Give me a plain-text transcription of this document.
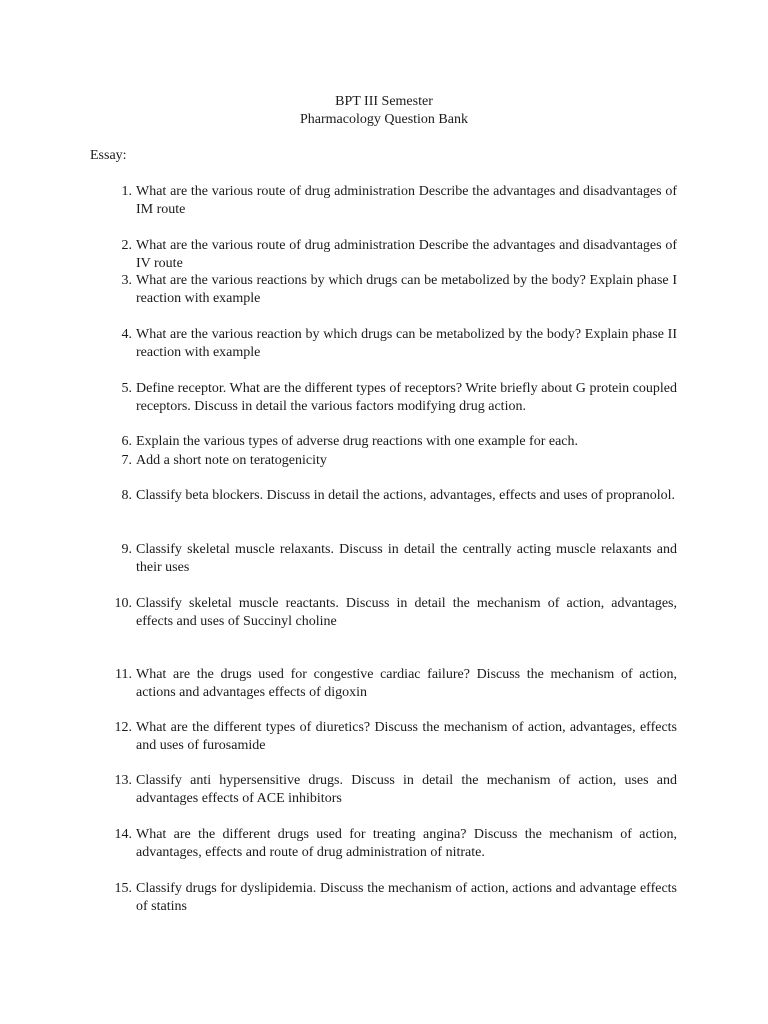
BPT III Semester
Pharmacology Question Bank
Essay:
1. What are the various route of drug administration Describe the advantages and disadvantages of IM route
2. What are the various route of drug administration Describe the advantages and disadvantages of IV route
3. What are the various reactions by which drugs can be metabolized by the body? Explain phase I reaction with example
4. What are the various reaction by which drugs can be metabolized by the body? Explain phase II reaction with example
5. Define receptor. What are the different types of receptors? Write briefly about G protein coupled receptors. Discuss in detail the various factors modifying drug action.
6. Explain the various types of adverse drug reactions with one example for each.
7. Add a short note on teratogenicity
8. Classify beta blockers. Discuss in detail the actions, advantages, effects and uses of propranolol.
9. Classify skeletal muscle relaxants. Discuss in detail the centrally acting muscle relaxants and their uses
10. Classify skeletal muscle reactants. Discuss in detail the mechanism of action, advantages, effects and uses of Succinyl choline
11. What are the drugs used for congestive cardiac failure? Discuss the mechanism of action, actions and advantages effects of digoxin
12. What are the different types of diuretics? Discuss the mechanism of action, advantages, effects and uses of furosamide
13. Classify anti hypersensitive drugs. Discuss in detail the mechanism of action, uses and advantages effects of ACE inhibitors
14. What are the different drugs used for treating angina? Discuss the mechanism of action, advantages, effects and route of drug administration of nitrate.
15. Classify drugs for dyslipidemia. Discuss the mechanism of action, actions and advantage effects of statins
